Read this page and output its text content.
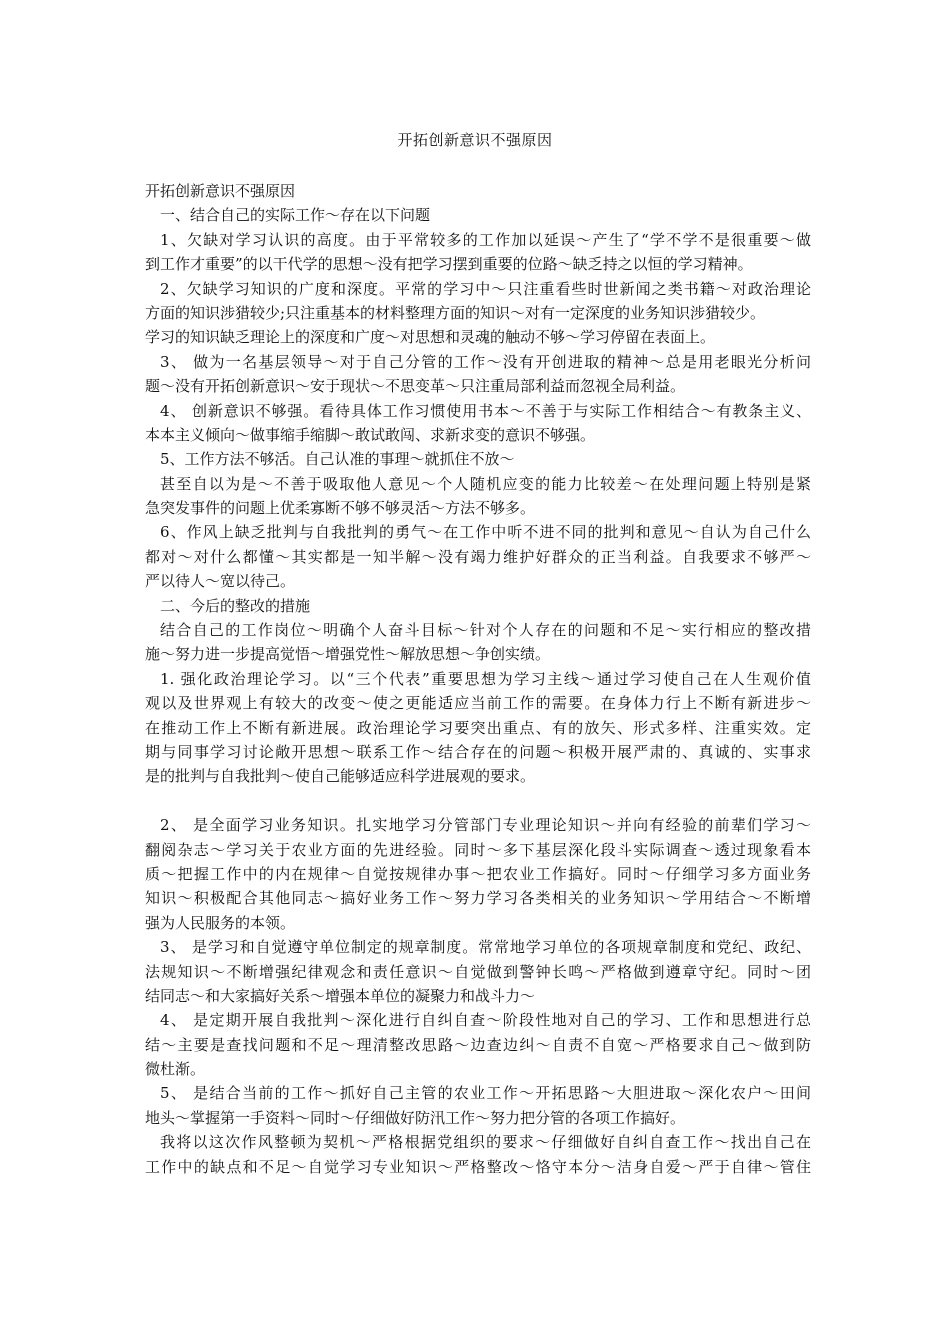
开拓创新意识不强原因
开拓创新意识不强原因
一、结合自己的实际工作～存在以下问题
1、欠缺对学习认识的高度。由于平常较多的工作加以延误～产生了“学不学不是很重要～做
到工作才重要”的以干代学的思想～没有把学习摆到重要的位路～缺乏持之以恒的学习精神。
2、欠缺学习知识的广度和深度。平常的学习中～只注重看些时世新闻之类书籍～对政治理论
方面的知识涉猎较少;只注重基本的材料整理方面的知识～对有一定深度的业务知识涉猎较少。
学习的知识缺乏理论上的深度和广度～对思想和灵魂的触动不够～学习停留在表面上。
3、 做为一名基层领导～对于自己分管的工作～没有开创进取的精神～总是用老眼光分析问
题～没有开拓创新意识～安于现状～不思变革～只注重局部利益而忽视全局利益。
4、 创新意识不够强。看待具体工作习惯使用书本～不善于与实际工作相结合～有教条主义、
本本主义倾向～做事缩手缩脚～敢试敢闯、求新求变的意识不够强。
5、工作方法不够活。自己认准的事理～就抓住不放～
甚至自以为是～不善于吸取他人意见～个人随机应变的能力比较差～在处理问题上特别是紧
急突发事件的问题上优柔寡断不够不够灵活～方法不够多。
6、作风上缺乏批判与自我批判的勇气～在工作中听不进不同的批判和意见～自认为自己什么
都对～对什么都懂～其实都是一知半解～没有竭力维护好群众的正当利益。自我要求不够严～
严以待人～宽以待己。
二、今后的整改的措施
结合自己的工作岗位～明确个人奋斗目标～针对个人存在的问题和不足～实行相应的整改措
施～努力进一步提高觉悟～增强党性～解放思想～争创实绩。
1. 强化政治理论学习。以“三个代表”重要思想为学习主线～通过学习使自己在人生观价值
观以及世界观上有较大的改变～使之更能适应当前工作的需要。在身体力行上不断有新进步～
在推动工作上不断有新进展。政治理论学习要突出重点、有的放矢、形式多样、注重实效。定
期与同事学习讨论敞开思想～联系工作～结合存在的问题～积极开展严肃的、真诚的、实事求
是的批判与自我批判～使自己能够适应科学进展观的要求。
2、 是全面学习业务知识。扎实地学习分管部门专业理论知识～并向有经验的前辈们学习～
翻阅杂志～学习关于农业方面的先进经验。同时～多下基层深化段斗实际调查～透过现象看本
质～把握工作中的内在规律～自觉按规律办事～把农业工作搞好。同时～仔细学习多方面业务
知识～积极配合其他同志～搞好业务工作～努力学习各类相关的业务知识～学用结合～不断增
强为人民服务的本领。
3、 是学习和自觉遵守单位制定的规章制度。常常地学习单位的各项规章制度和党纪、政纪、
法规知识～不断增强纪律观念和责任意识～自觉做到警钟长鸣～严格做到遵章守纪。同时～团
结同志～和大家搞好关系～增强本单位的凝聚力和战斗力～
4、 是定期开展自我批判～深化进行自纠自查～阶段性地对自己的学习、工作和思想进行总
结～主要是查找问题和不足～理清整改思路～边查边纠～自责不自宽～严格要求自己～做到防
微杜渐。
5、 是结合当前的工作～抓好自己主管的农业工作～开拓思路～大胆进取～深化农户～田间
地头～掌握第一手资料～同时～仔细做好防汛工作～努力把分管的各项工作搞好。
我将以这次作风整顿为契机～严格根据党组织的要求～仔细做好自纠自查工作～找出自己在
工作中的缺点和不足～自觉学习专业知识～严格整改～恪守本分～洁身自爱～严于自律～管住
